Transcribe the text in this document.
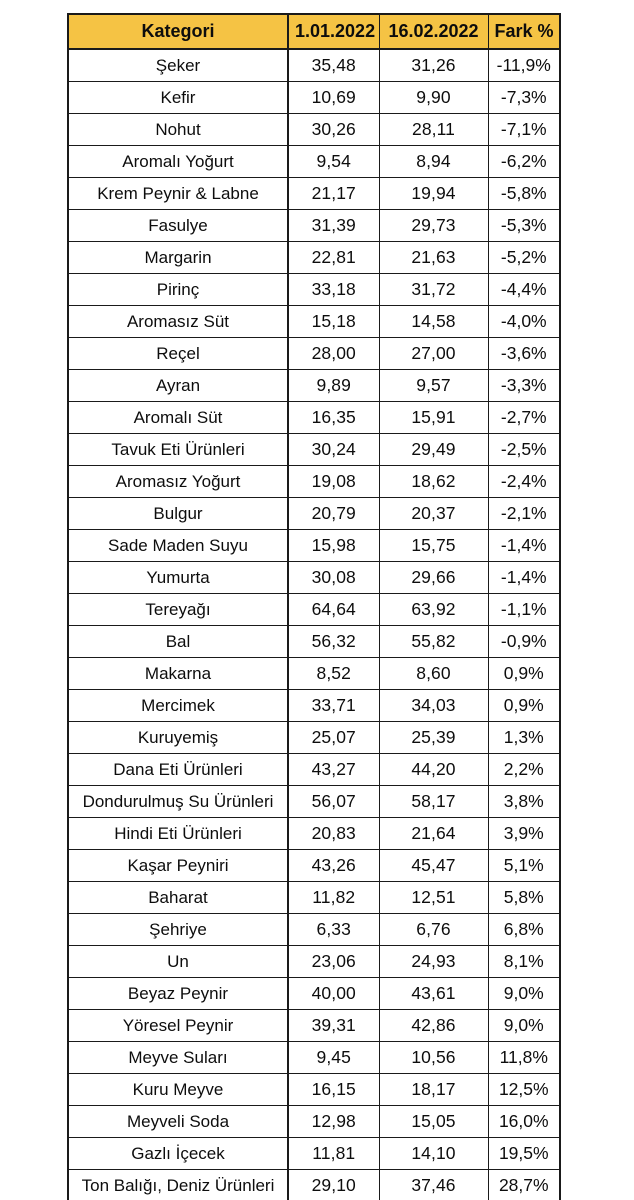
Kategori	1.01.2022	16.02.2022	Fark %
Şeker	35,48	31,26	-11,9%
Kefir	10,69	9,90	-7,3%
Nohut	30,26	28,11	-7,1%
Aromalı Yoğurt	9,54	8,94	-6,2%
Krem Peynir & Labne	21,17	19,94	-5,8%
Fasulye	31,39	29,73	-5,3%
Margarin	22,81	21,63	-5,2%
Pirinç	33,18	31,72	-4,4%
Aromasız Süt	15,18	14,58	-4,0%
Reçel	28,00	27,00	-3,6%
Ayran	9,89	9,57	-3,3%
Aromalı Süt	16,35	15,91	-2,7%
Tavuk Eti Ürünleri	30,24	29,49	-2,5%
Aromasız Yoğurt	19,08	18,62	-2,4%
Bulgur	20,79	20,37	-2,1%
Sade Maden Suyu	15,98	15,75	-1,4%
Yumurta	30,08	29,66	-1,4%
Tereyağı	64,64	63,92	-1,1%
Bal	56,32	55,82	-0,9%
Makarna	8,52	8,60	0,9%
Mercimek	33,71	34,03	0,9%
Kuruyemiş	25,07	25,39	1,3%
Dana Eti Ürünleri	43,27	44,20	2,2%
Dondurulmuş Su Ürünleri	56,07	58,17	3,8%
Hindi Eti Ürünleri	20,83	21,64	3,9%
Kaşar Peyniri	43,26	45,47	5,1%
Baharat	11,82	12,51	5,8%
Şehriye	6,33	6,76	6,8%
Un	23,06	24,93	8,1%
Beyaz Peynir	40,00	43,61	9,0%
Yöresel Peynir	39,31	42,86	9,0%
Meyve Suları	9,45	10,56	11,8%
Kuru Meyve	16,15	18,17	12,5%
Meyveli Soda	12,98	15,05	16,0%
Gazlı İçecek	11,81	14,10	19,5%
Ton Balığı, Deniz Ürünleri	29,10	37,46	28,7%
